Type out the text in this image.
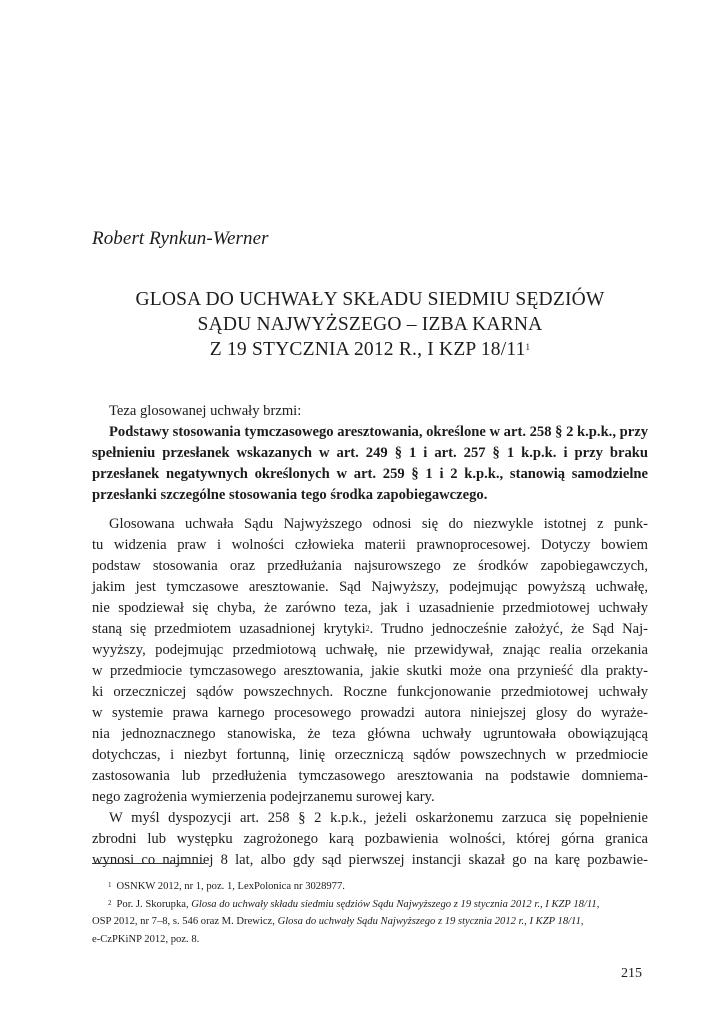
Robert Rynkun-Werner
GLOSA DO UCHWAŁY SKŁADU SIEDMIU SĘDZIÓW
SĄDU NAJWYŻSZEGO – IZBA KARNA
Z 19 STYCZNIA 2012 R., I KZP $18/11^1$
Teza glosowanej uchwały brzmi:
Podstawy stosowania tymczasowego aresztowania, określone w art. 258 § 2 k.p.k., przy spełnieniu przesłanek wskazanych w art. 249 § 1 i art. 257 § 1 k.p.k. i przy braku przesłanek negatywnych określonych w art. 259 § 1 i 2 k.p.k., stanowią samodzielne przesłanki szczególne stosowania tego środka zapobiegawczego.
Glosowana uchwała Sądu Najwyższego odnosi się do niezwykle istotnej z punk-
tu widzenia praw i wolności człowieka materii prawnoprocesowej. Dotyczy bowiem
podstaw stosowania oraz przedłużania najsurowszego ze środków zapobiegawczych,
jakim jest tymczasowe aresztowanie. Sąd Najwyższy, podejmując powyższą uchwałę,
nie spodziewał się chyba, że zarówno teza, jak i uzasadnienie przedmiotowej uchwały
staną się przedmiotem uzasadnionej krytyki$^2$. Trudno jednocześnie założyć, że Sąd Naj-
wyyższy, podejmując przedmiotową uchwałę, nie przewidywał, znając realia orzekania
w przedmiocie tymczasowego aresztowania, jakie skutki może ona przynieść dla prakty-
ki orzeczniczej sądów powszechnych. Roczne funkcjonowanie przedmiotowej uchwały
w systemie prawa karnego procesowego prowadzi autora niniejszej glosy do wyraże-
nia jednoznacznego stanowiska, że teza główna uchwały ugruntowała obowiązującą
dotychczas, i niezbyt fortunną, linię orzeczniczą sądów powszechnych w przedmiocie
zastosowania lub przedłużenia tymczasowego aresztowania na podstawie domniema-
nego zagrożenia wymierzenia podejrzanemu surowej kary.
W myśl dyspozycji art. 258 § 2 k.p.k., jeżeli oskarżonemu zarzuca się popełnienie
zbrodni lub występku zagrożonego karą pozbawienia wolności, której górna granica
wynosi co najmniej 8 lat, albo gdy sąd pierwszej instancji skazał go na karę pozbawie-
$^1$ OSNKW 2012, nr 1, poz. 1, LexPolonica nr 3028977.
$^2$ Por. J. Skorupka, Glosa do uchwały składu siedmiu sędziów Sądu Najwyższego z 19 stycznia 2012 r., I KZP 18/11,
OSP 2012, nr 7–8, s. 546 oraz M. Drewicz, Glosa do uchwały Sądu Najwyższego z 19 stycznia 2012 r., I KZP 18/11,
e-CzPKiNP 2012, poz. 8.
215
